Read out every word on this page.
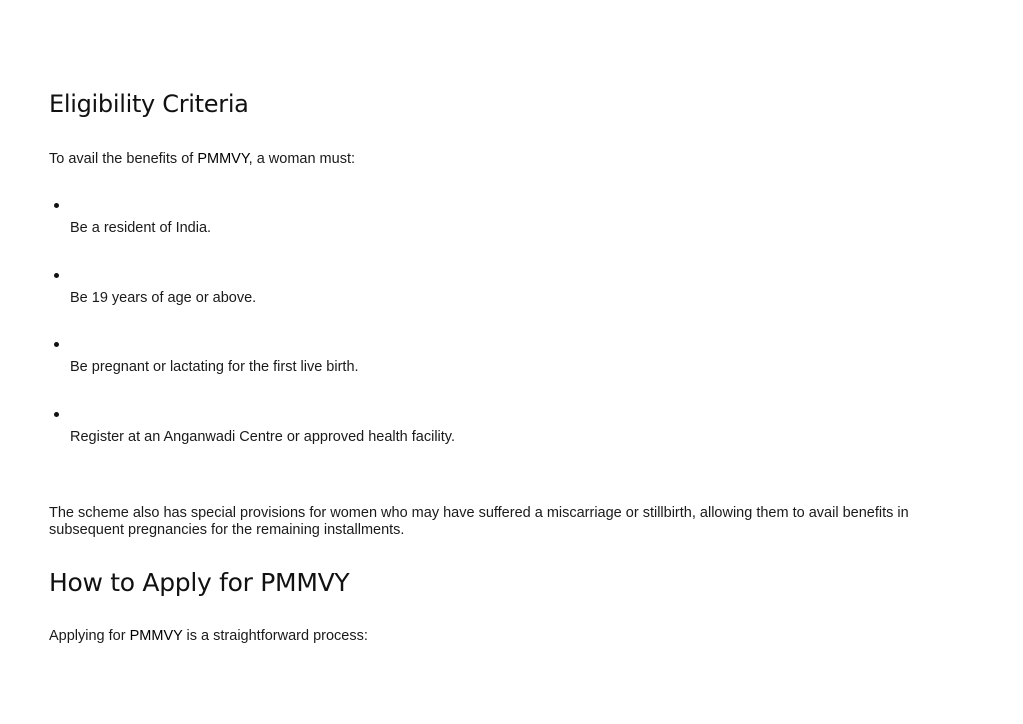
Eligibility Criteria

To avail the benefits of PMMVY, a woman must:

Be a resident of India.
Be 19 years of age or above.
Be pregnant or lactating for the first live birth.
Register at an Anganwadi Centre or approved health facility.

The scheme also has special provisions for women who may have suffered a miscarriage or stillbirth, allowing them to avail benefits in subsequent pregnancies for the remaining installments.

How to Apply for PMMVY

Applying for PMMVY is a straightforward process:
